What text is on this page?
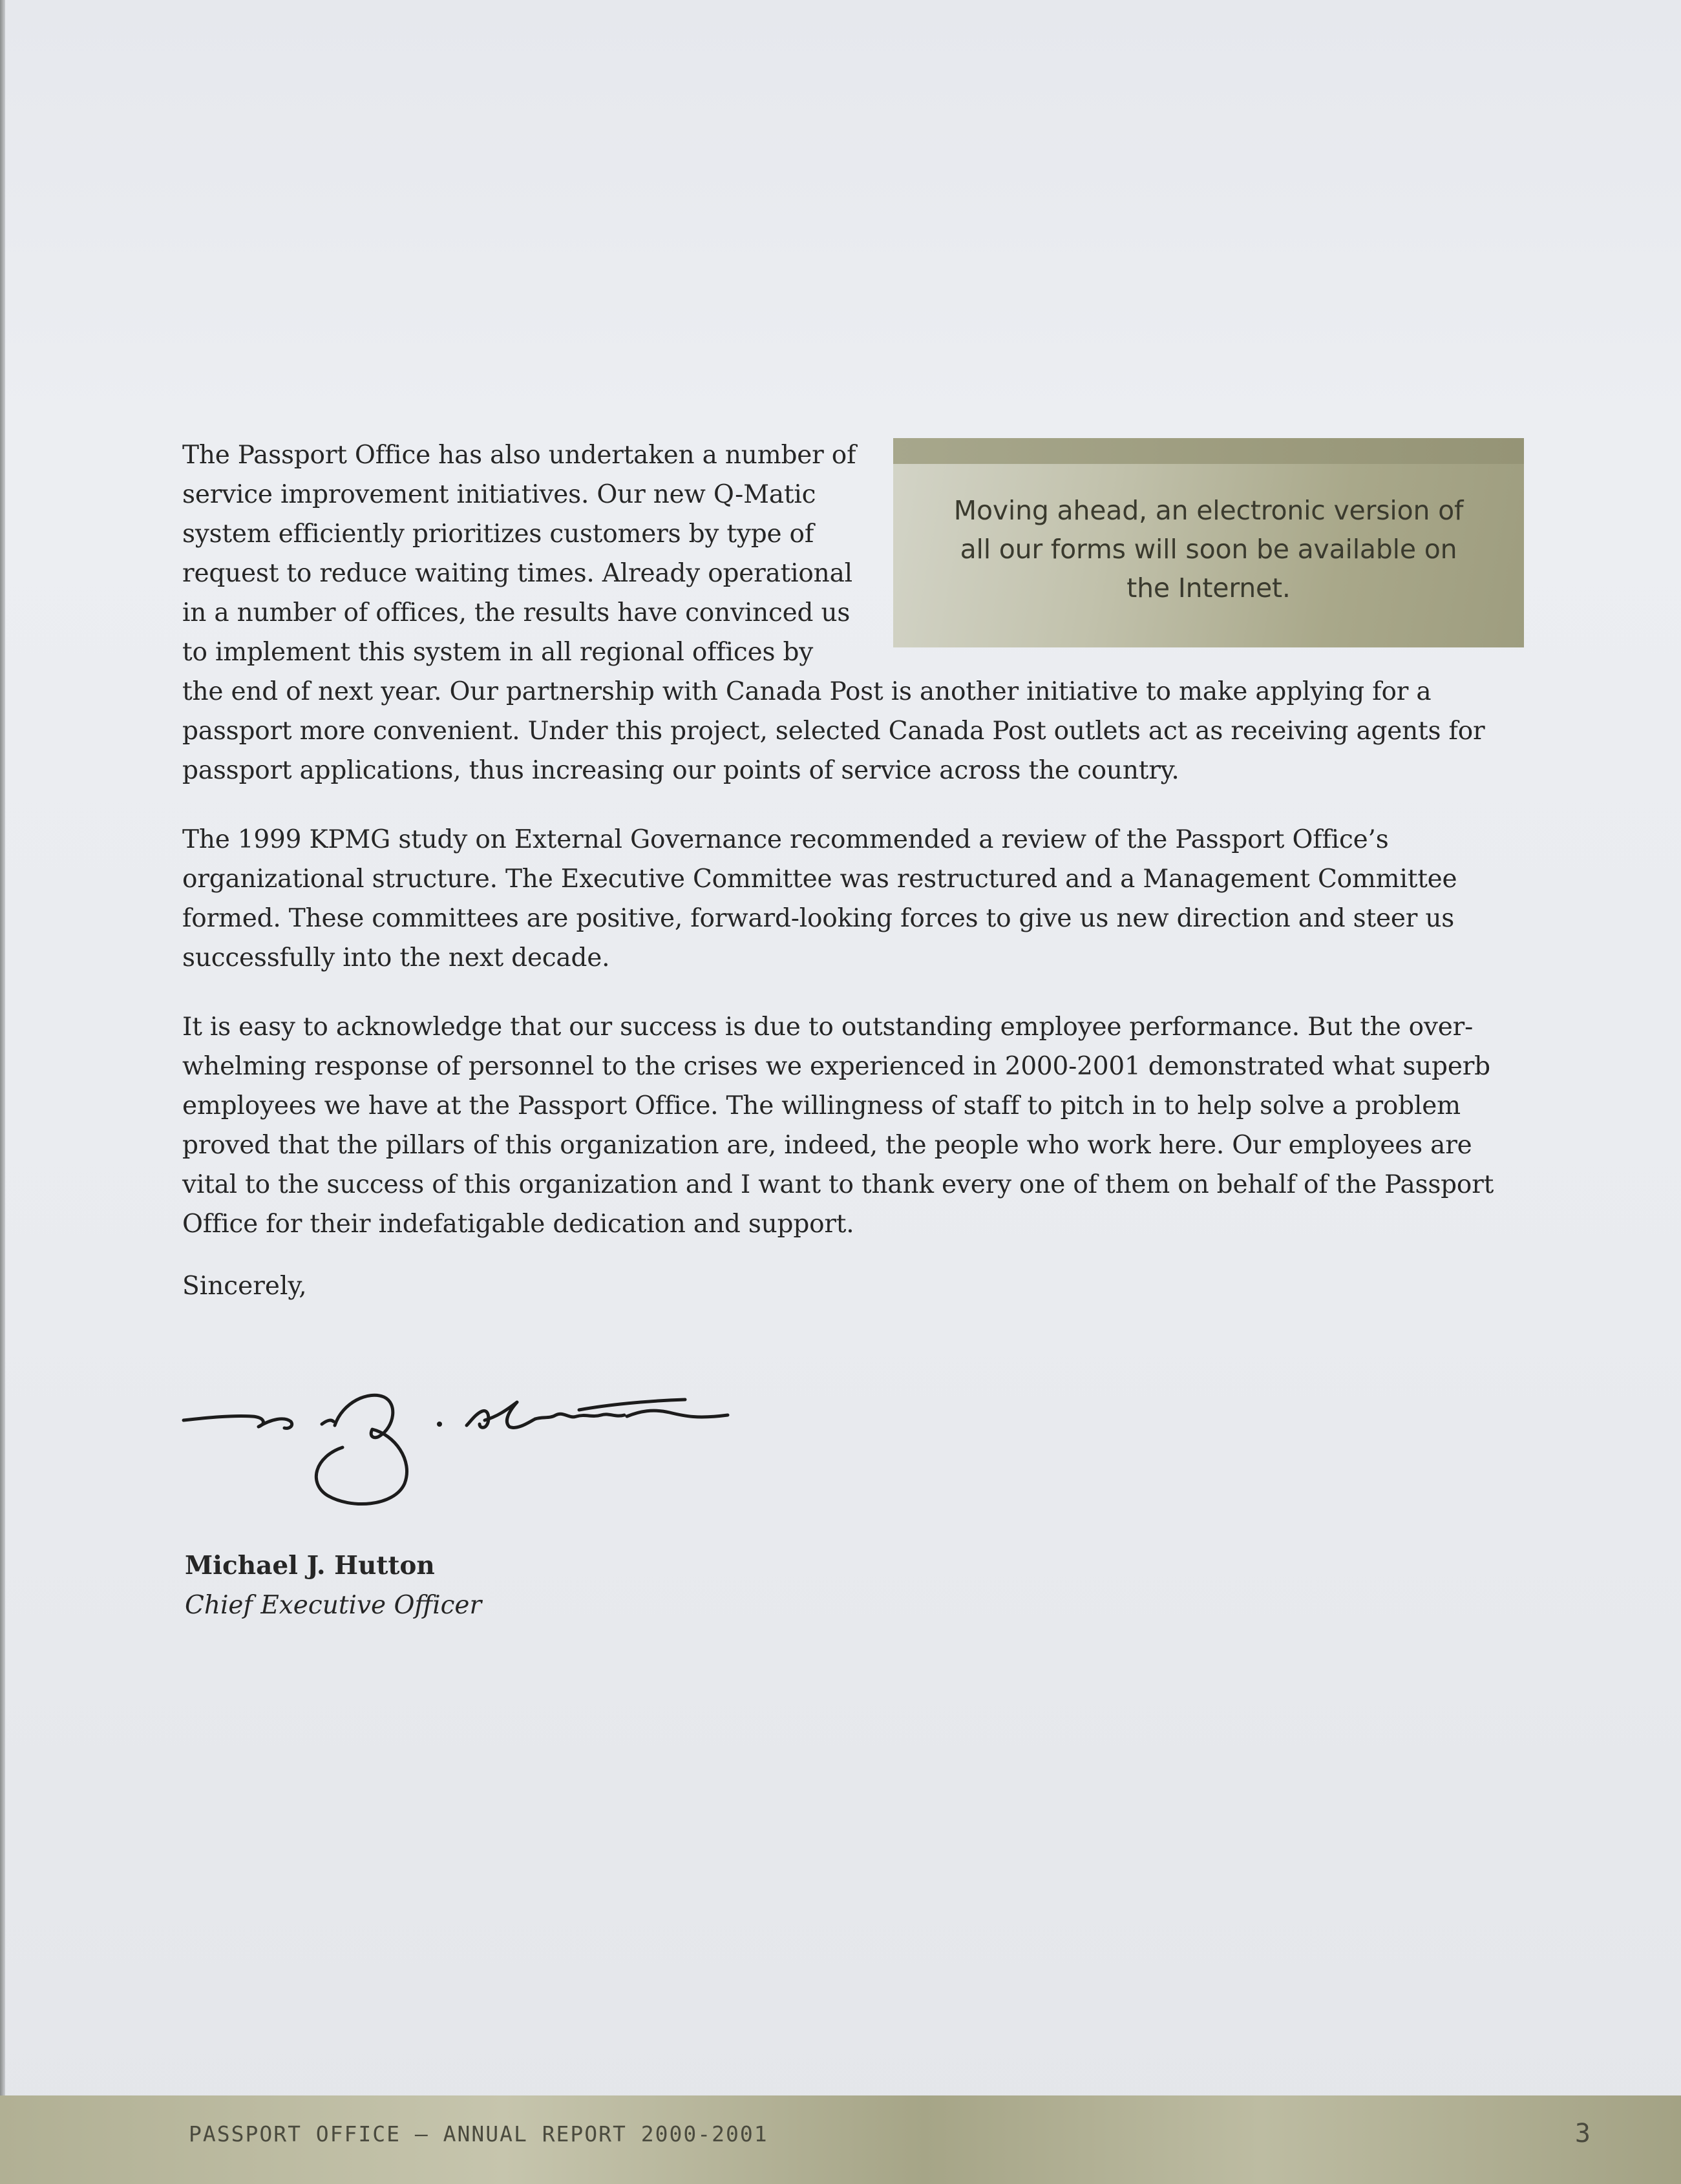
Moving ahead, an electronic version of all our forms will soon be available on the Internet.

The Passport Office has also undertaken a number of service improvement initiatives. Our new Q-Matic system efficiently prioritizes customers by type of request to reduce waiting times. Already operational in a number of offices, the results have convinced us to implement this system in all regional offices by the end of next year. Our partnership with Canada Post is another initiative to make applying for a passport more convenient. Under this project, selected Canada Post outlets act as receiving agents for passport applications, thus increasing our points of service across the country.

The 1999 KPMG study on External Governance recommended a review of the Passport Office’s organizational structure. The Executive Committee was restructured and a Management Committee formed. These committees are positive, forward-looking forces to give us new direction and steer us successfully into the next decade.

It is easy to acknowledge that our success is due to outstanding employee performance. But the overwhelming response of personnel to the crises we experienced in 2000-2001 demonstrated what superb employees we have at the Passport Office. The willingness of staff to pitch in to help solve a problem proved that the pillars of this organization are, indeed, the people who work here. Our employees are vital to the success of this organization and I want to thank every one of them on behalf of the Passport Office for their indefatigable dedication and support.

Sincerely,
Michael J. Hutton
Chief Executive Officer
PASSPORT OFFICE – ANNUAL REPORT 2000-2001	3
